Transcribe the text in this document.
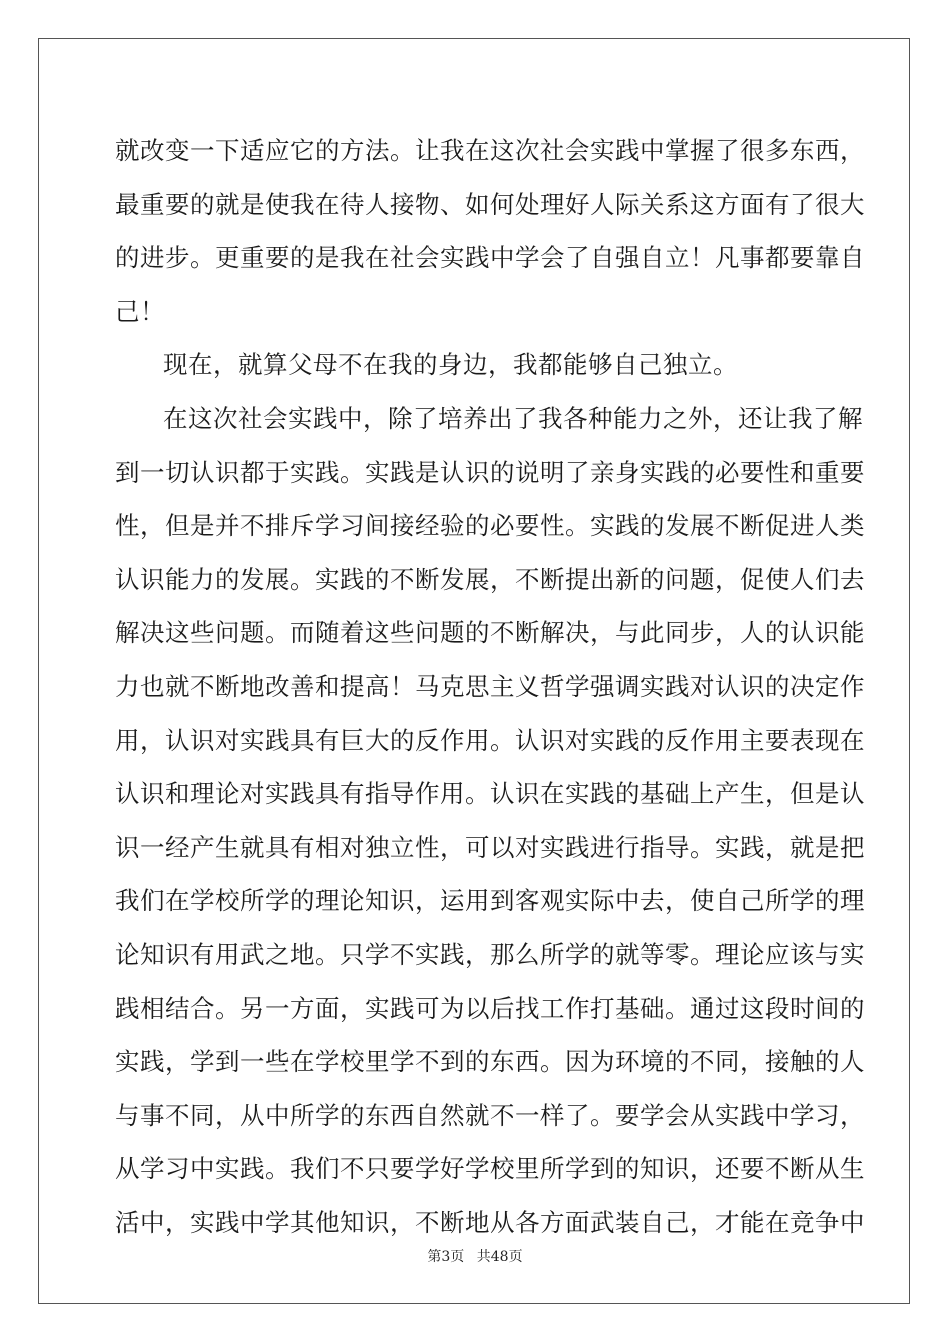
就改变一下适应它的方法。让我在这次社会实践中掌握了很多东西，
最重要的就是使我在待人接物、如何处理好人际关系这方面有了很大
的进步。更重要的是我在社会实践中学会了自强自立！凡事都要靠自
己！
现在，就算父母不在我的身边，我都能够自己独立。
在这次社会实践中，除了培养出了我各种能力之外，还让我了解
到一切认识都于实践。实践是认识的说明了亲身实践的必要性和重要
性，但是并不排斥学习间接经验的必要性。实践的发展不断促进人类
认识能力的发展。实践的不断发展，不断提出新的问题，促使人们去
解决这些问题。而随着这些问题的不断解决，与此同步，人的认识能
力也就不断地改善和提高！马克思主义哲学强调实践对认识的决定作
用，认识对实践具有巨大的反作用。认识对实践的反作用主要表现在
认识和理论对实践具有指导作用。认识在实践的基础上产生，但是认
识一经产生就具有相对独立性，可以对实践进行指导。实践，就是把
我们在学校所学的理论知识，运用到客观实际中去，使自己所学的理
论知识有用武之地。只学不实践，那么所学的就等零。理论应该与实
践相结合。另一方面，实践可为以后找工作打基础。通过这段时间的
实践，学到一些在学校里学不到的东西。因为环境的不同，接触的人
与事不同，从中所学的东西自然就不一样了。要学会从实践中学习，
从学习中实践。我们不只要学好学校里所学到的知识，还要不断从生
活中，实践中学其他知识，不断地从各方面武装自己，才能在竞争中
第3页 共48页
